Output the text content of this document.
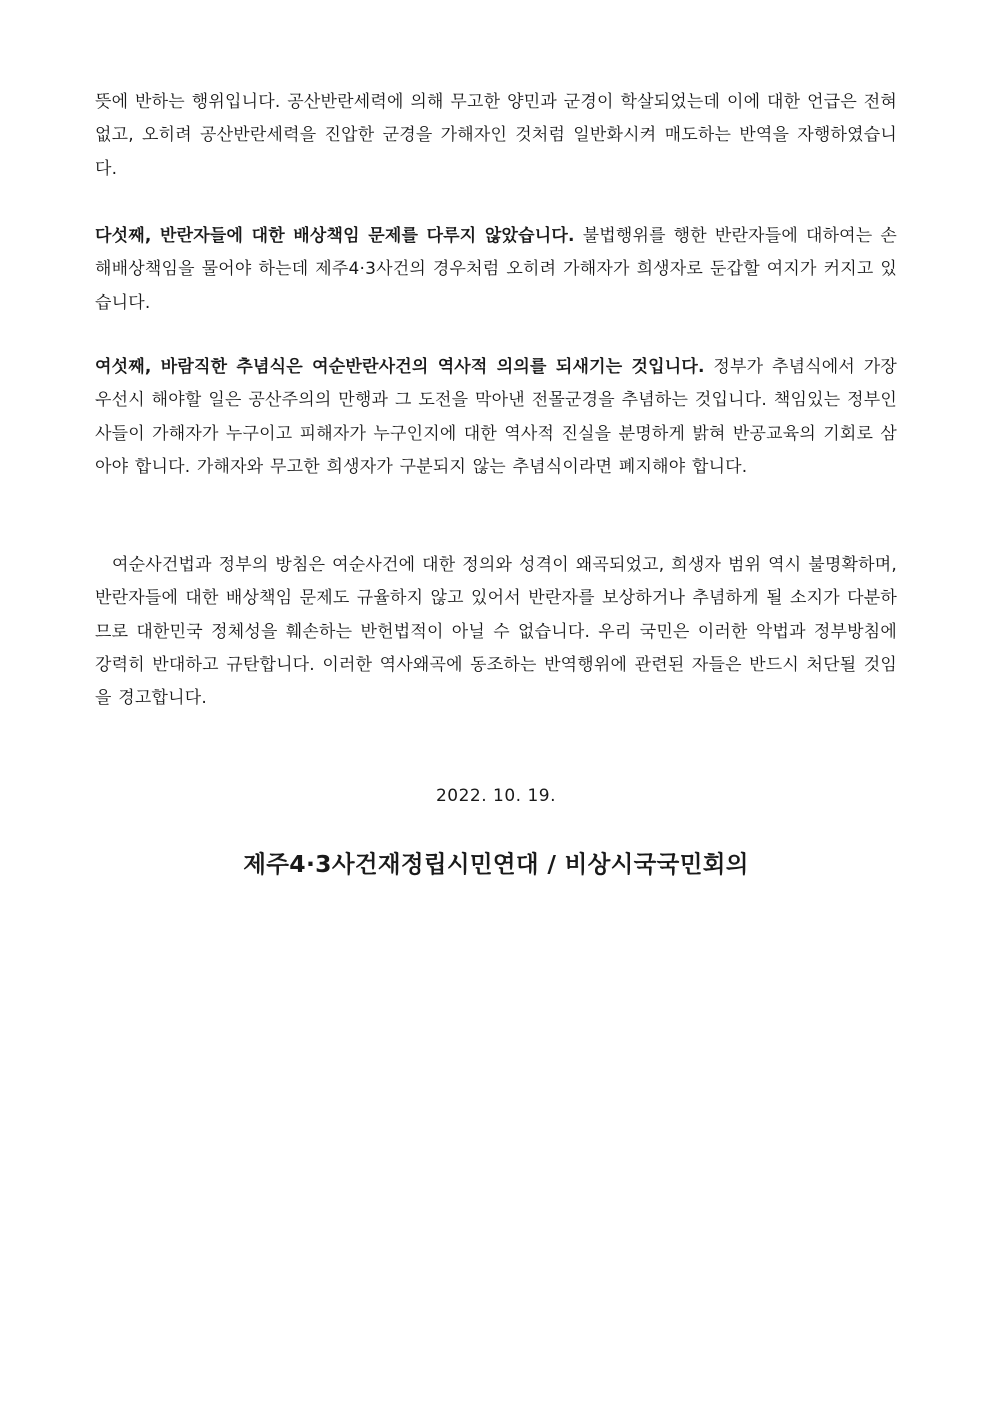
뜻에 반하는 행위입니다. 공산반란세력에 의해 무고한 양민과 군경이 학살되었는데 이에 대한 언급은 전혀 없고, 오히려 공산반란세력을 진압한 군경을 가해자인 것처럼 일반화시켜 매도하는 반역을 자행하였습니다.

다섯째, 반란자들에 대한 배상책임 문제를 다루지 않았습니다. 불법행위를 행한 반란자들에 대하여는 손해배상책임을 물어야 하는데 제주4·3사건의 경우처럼 오히려 가해자가 희생자로 둔갑할 여지가 커지고 있습니다.

여섯째, 바람직한 추념식은 여순반란사건의 역사적 의의를 되새기는 것입니다. 정부가 추념식에서 가장 우선시 해야할 일은 공산주의의 만행과 그 도전을 막아낸 전몰군경을 추념하는 것입니다. 책임있는 정부인사들이 가해자가 누구이고 피해자가 누구인지에 대한 역사적 진실을 분명하게 밝혀 반공교육의 기회로 삼아야 합니다. 가해자와 무고한 희생자가 구분되지 않는 추념식이라면 폐지해야 합니다.

여순사건법과 정부의 방침은 여순사건에 대한 정의와 성격이 왜곡되었고, 희생자 범위 역시 불명확하며, 반란자들에 대한 배상책임 문제도 규율하지 않고 있어서 반란자를 보상하거나 추념하게 될 소지가 다분하므로 대한민국 정체성을 훼손하는 반헌법적이 아닐 수 없습니다. 우리 국민은 이러한 악법과 정부방침에 강력히 반대하고 규탄합니다. 이러한 역사왜곡에 동조하는 반역행위에 관련된 자들은 반드시 처단될 것임을 경고합니다.

2022. 10. 19.

제주4·3사건재정립시민연대 / 비상시국국민회의
